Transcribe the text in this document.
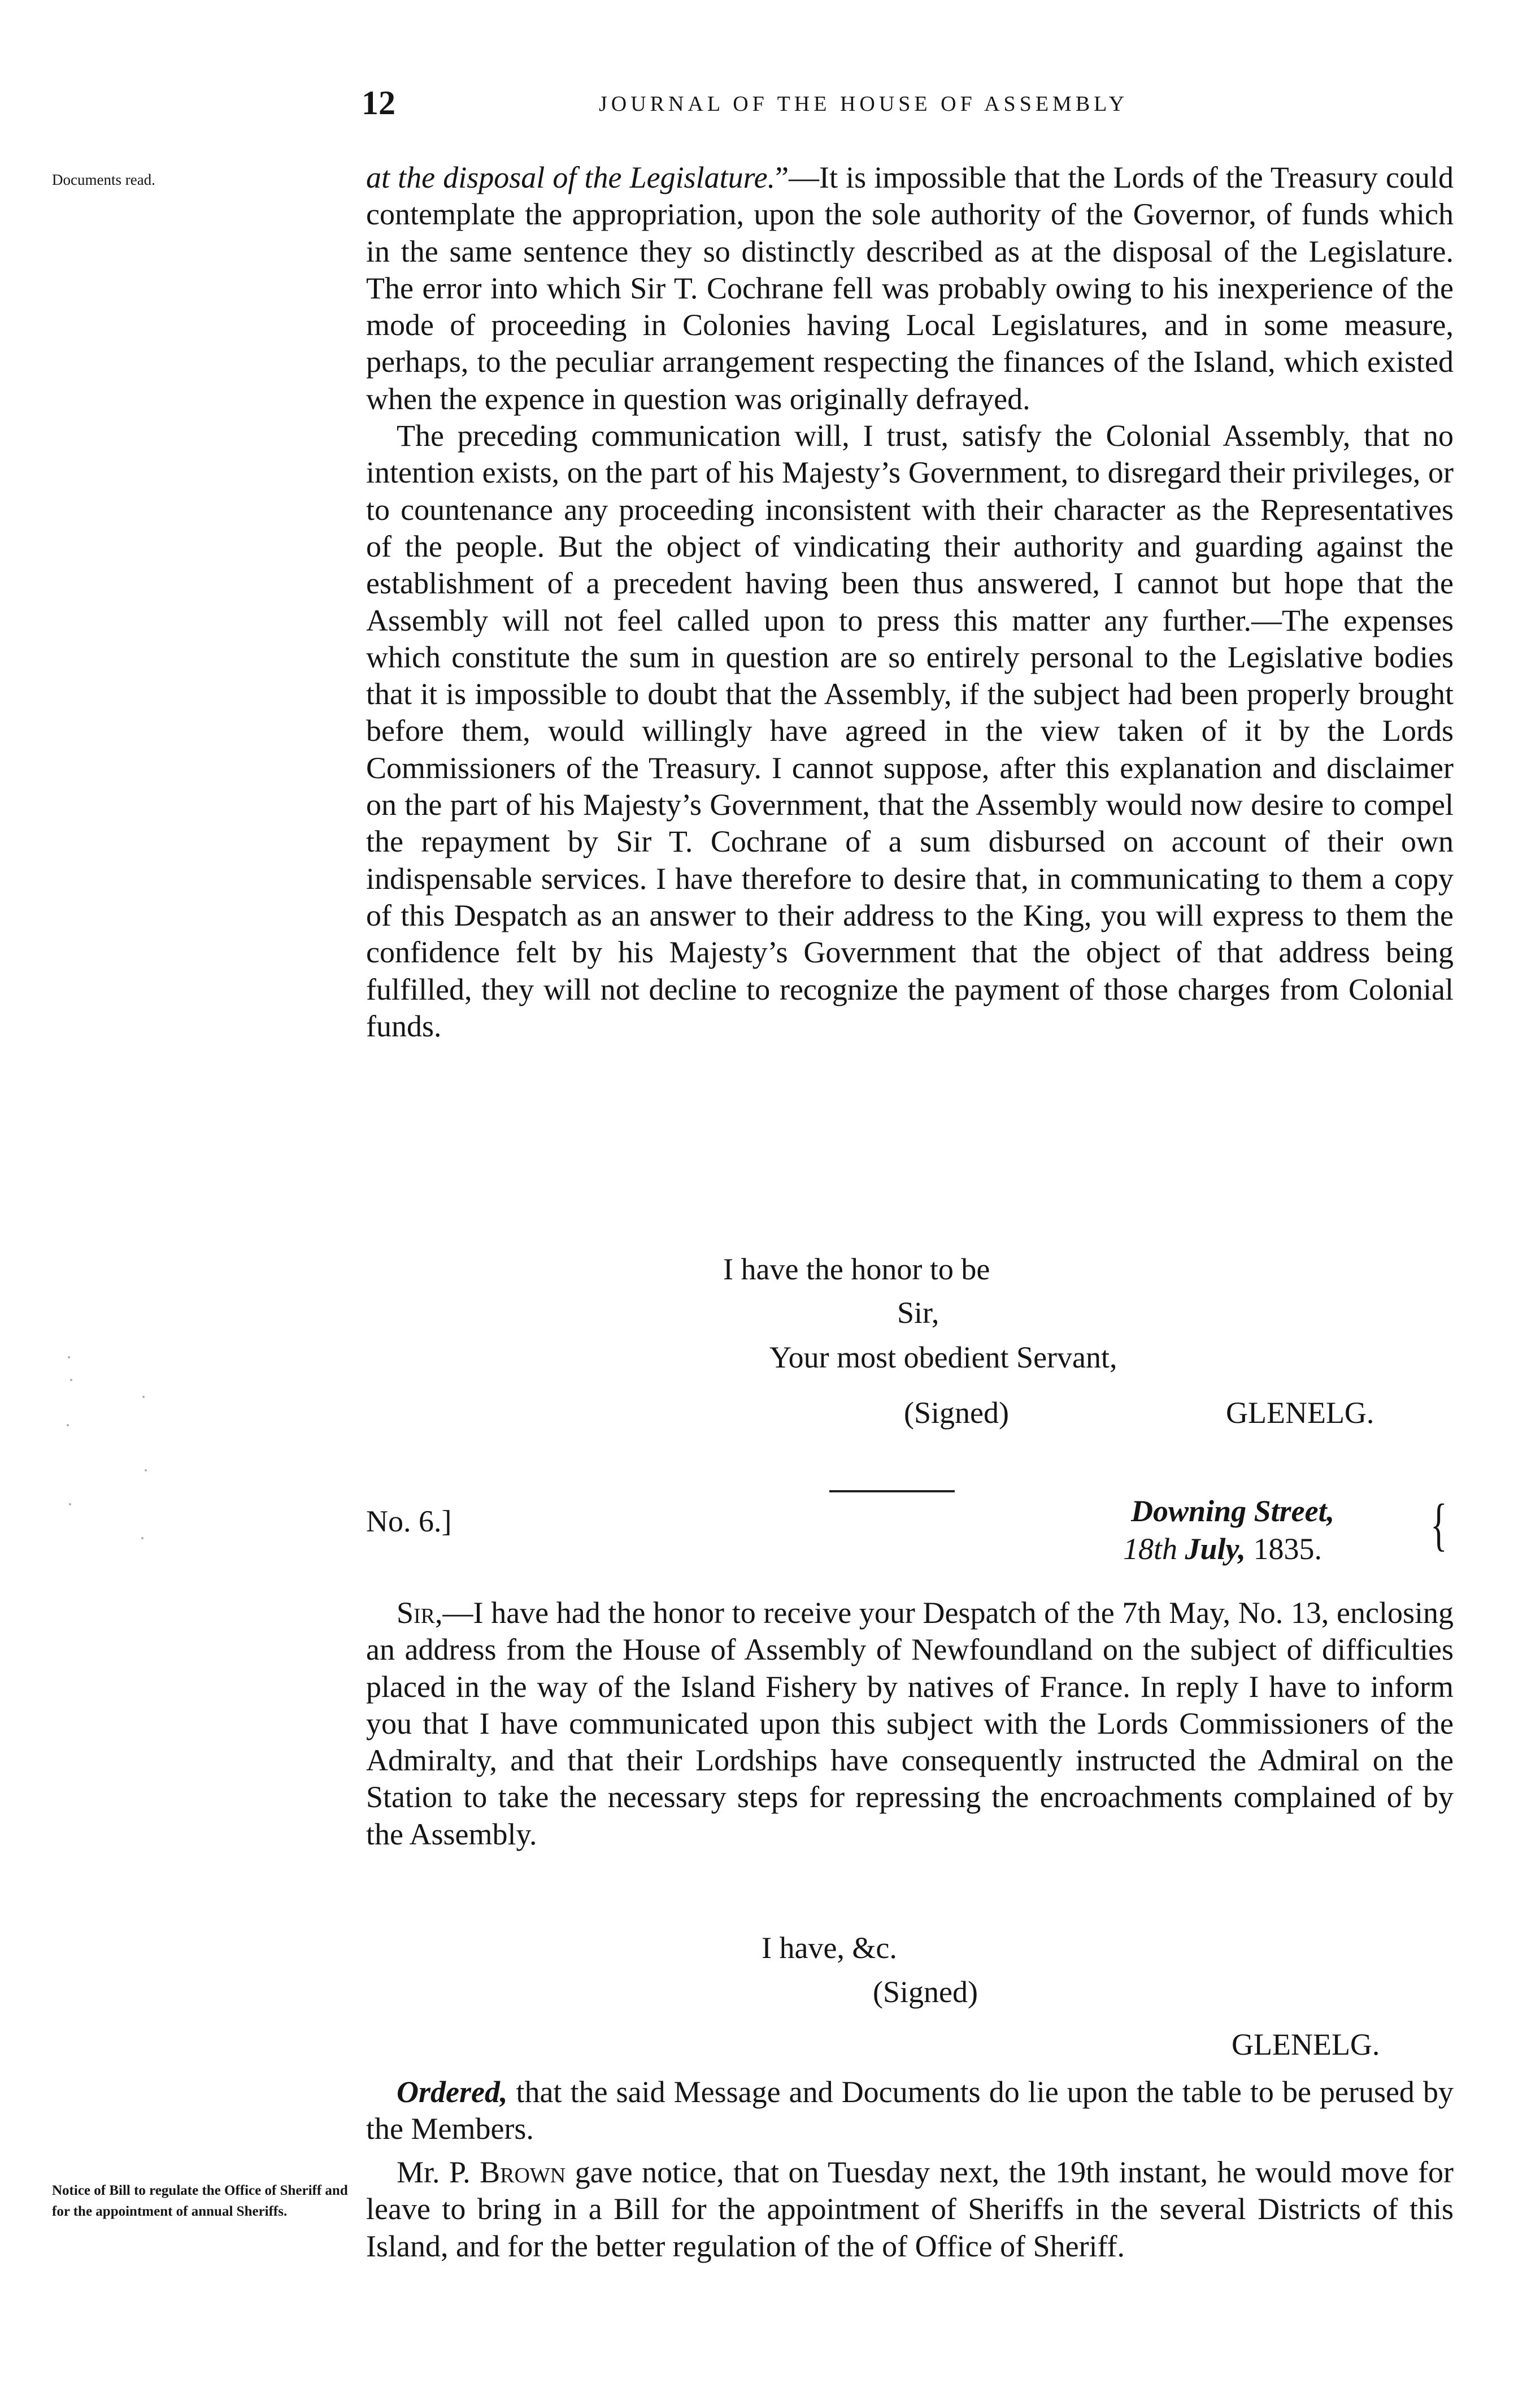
12	JOURNAL OF THE HOUSE OF ASSEMBLY
Documents read.
Notice of Bill to regulate the Office of Sheriff and for the appointment of annual Sheriffs.

at the disposal of the Legislature.”—It is impossible that the Lords of the Treasury could contemplate the appropriation, upon the sole authority of the Governor, of funds which in the same sentence they so distinctly described as at the disposal of the Legislature. The error into which Sir T. Cochrane fell was probably owing to his inexperience of the mode of proceeding in Colonies having Local Legislatures, and in some measure, perhaps, to the peculiar arrangement respecting the finances of the Island, which existed when the expence in question was originally defrayed.

The preceding communication will, I trust, satisfy the Colonial Assembly, that no intention exists, on the part of his Majesty’s Government, to disregard their privileges, or to countenance any proceeding inconsistent with their character as the Representatives of the people. But the object of vindicating their authority and guarding against the establishment of a precedent having been thus answered, I cannot but hope that the Assembly will not feel called upon to press this matter any further.—The expenses which constitute the sum in question are so entirely personal to the Legislative bodies that it is impossible to doubt that the Assembly, if the subject had been properly brought before them, would willingly have agreed in the view taken of it by the Lords Commissioners of the Treasury. I cannot suppose, after this explanation and disclaimer on the part of his Majesty’s Government, that the Assembly would now desire to compel the repayment by Sir T. Cochrane of a sum disbursed on account of their own indispensable services. I have therefore to desire that, in communicating to them a copy of this Despatch as an answer to their address to the King, you will express to them the confidence felt by his Majesty’s Government that the object of that address being fulfilled, they will not decline to recognize the payment of those charges from Colonial funds.

I have the honor to be
Sir,
Your most obedient Servant,
(Signed)	GLENELG.
No. 6.]	Downing Street,
18th July, 1835.	{

Sir,—I have had the honor to receive your Despatch of the 7th May, No. 13, enclosing an address from the House of Assembly of Newfoundland on the subject of difficulties placed in the way of the Island Fishery by natives of France. In reply I have to inform you that I have communicated upon this subject with the Lords Commissioners of the Admiralty, and that their Lordships have consequently instructed the Admiral on the Station to take the necessary steps for repressing the encroachments complained of by the Assembly.

I have, &c.
(Signed)
GLENELG.

Ordered, that the said Message and Documents do lie upon the table to be perused by the Members.

Mr. P. Brown gave notice, that on Tuesday next, the 19th instant, he would move for leave to bring in a Bill for the appointment of Sheriffs in the several Districts of this Island, and for the better regulation of the of Office of Sheriff.
